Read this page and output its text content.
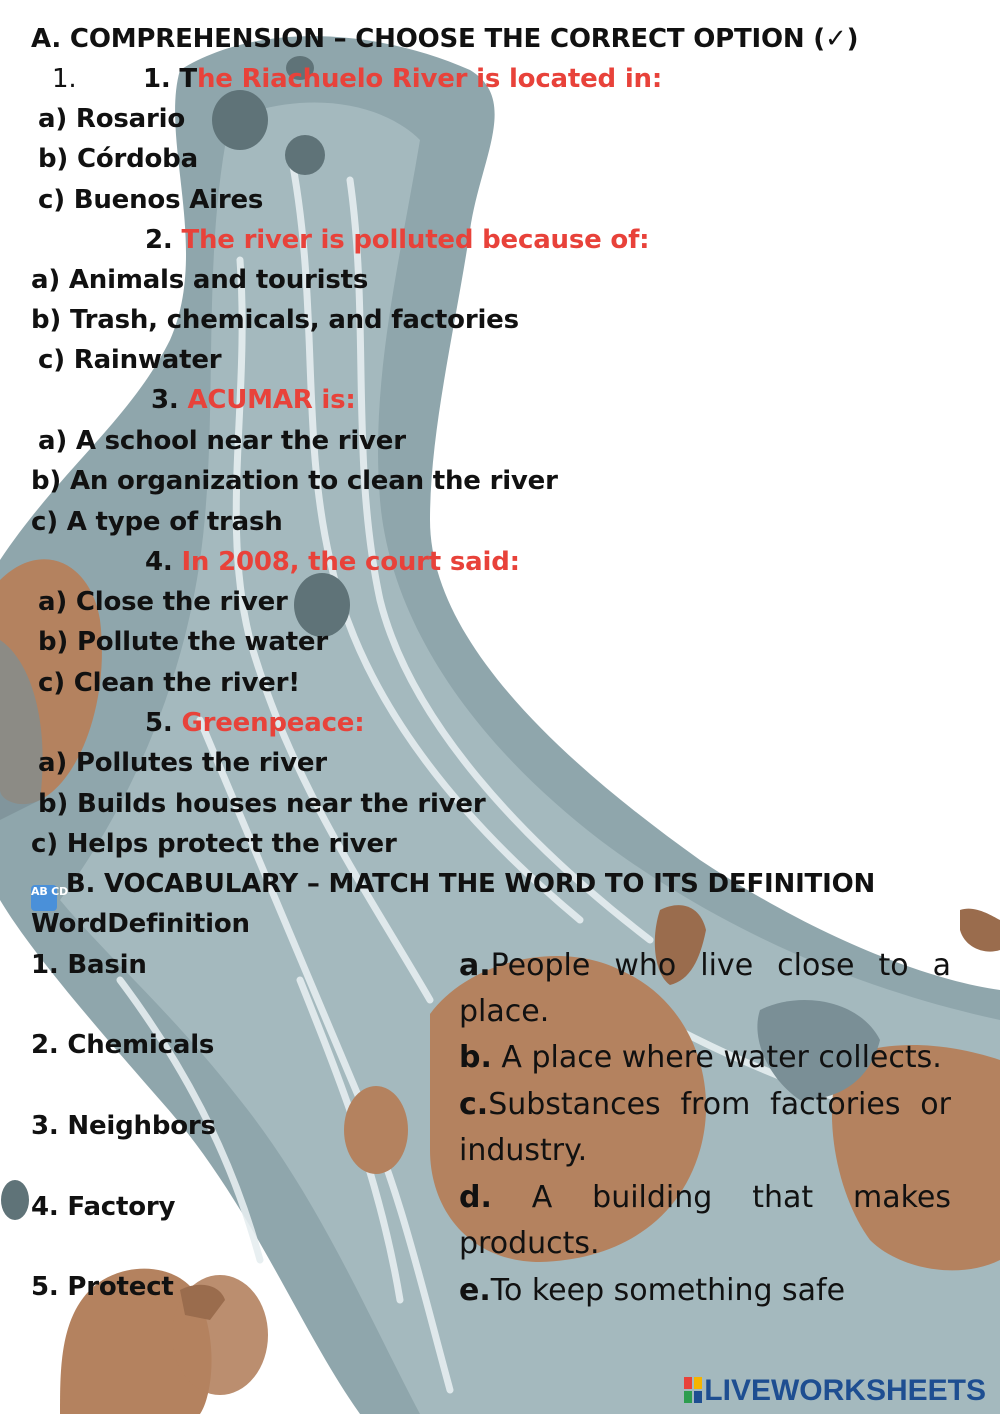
A. COMPREHENSION – CHOOSE THE CORRECT OPTION (✓)
1.	1. The Riachuelo River is located in:
a) Rosario
b) Córdoba
c) Buenos Aires
2. The river is polluted because of:
a) Animals and tourists
b) Trash, chemicals, and factories
c) Rainwater
3. ACUMAR is:
a) A school near the river
b) An organization to clean the river
c) A type of trash
4. In 2008, the court said:
a) Close the river
b) Pollute the water
c) Clean the river!
5. Greenpeace:
a) Pollutes the river
b) Builds houses near the river
c) Helps protect the river
AB CD B. VOCABULARY – MATCH THE WORD TO ITS DEFINITION
WordDefinition
1. Basin
2. Chemicals
3. Neighbors
4. Factory
5. Protect
a.People who live close to a place.
b. A place where water collects.
c.Substances from factories or industry.
d. A building that makes products.
e.To keep something safe
LIVEWORKSHEETS
